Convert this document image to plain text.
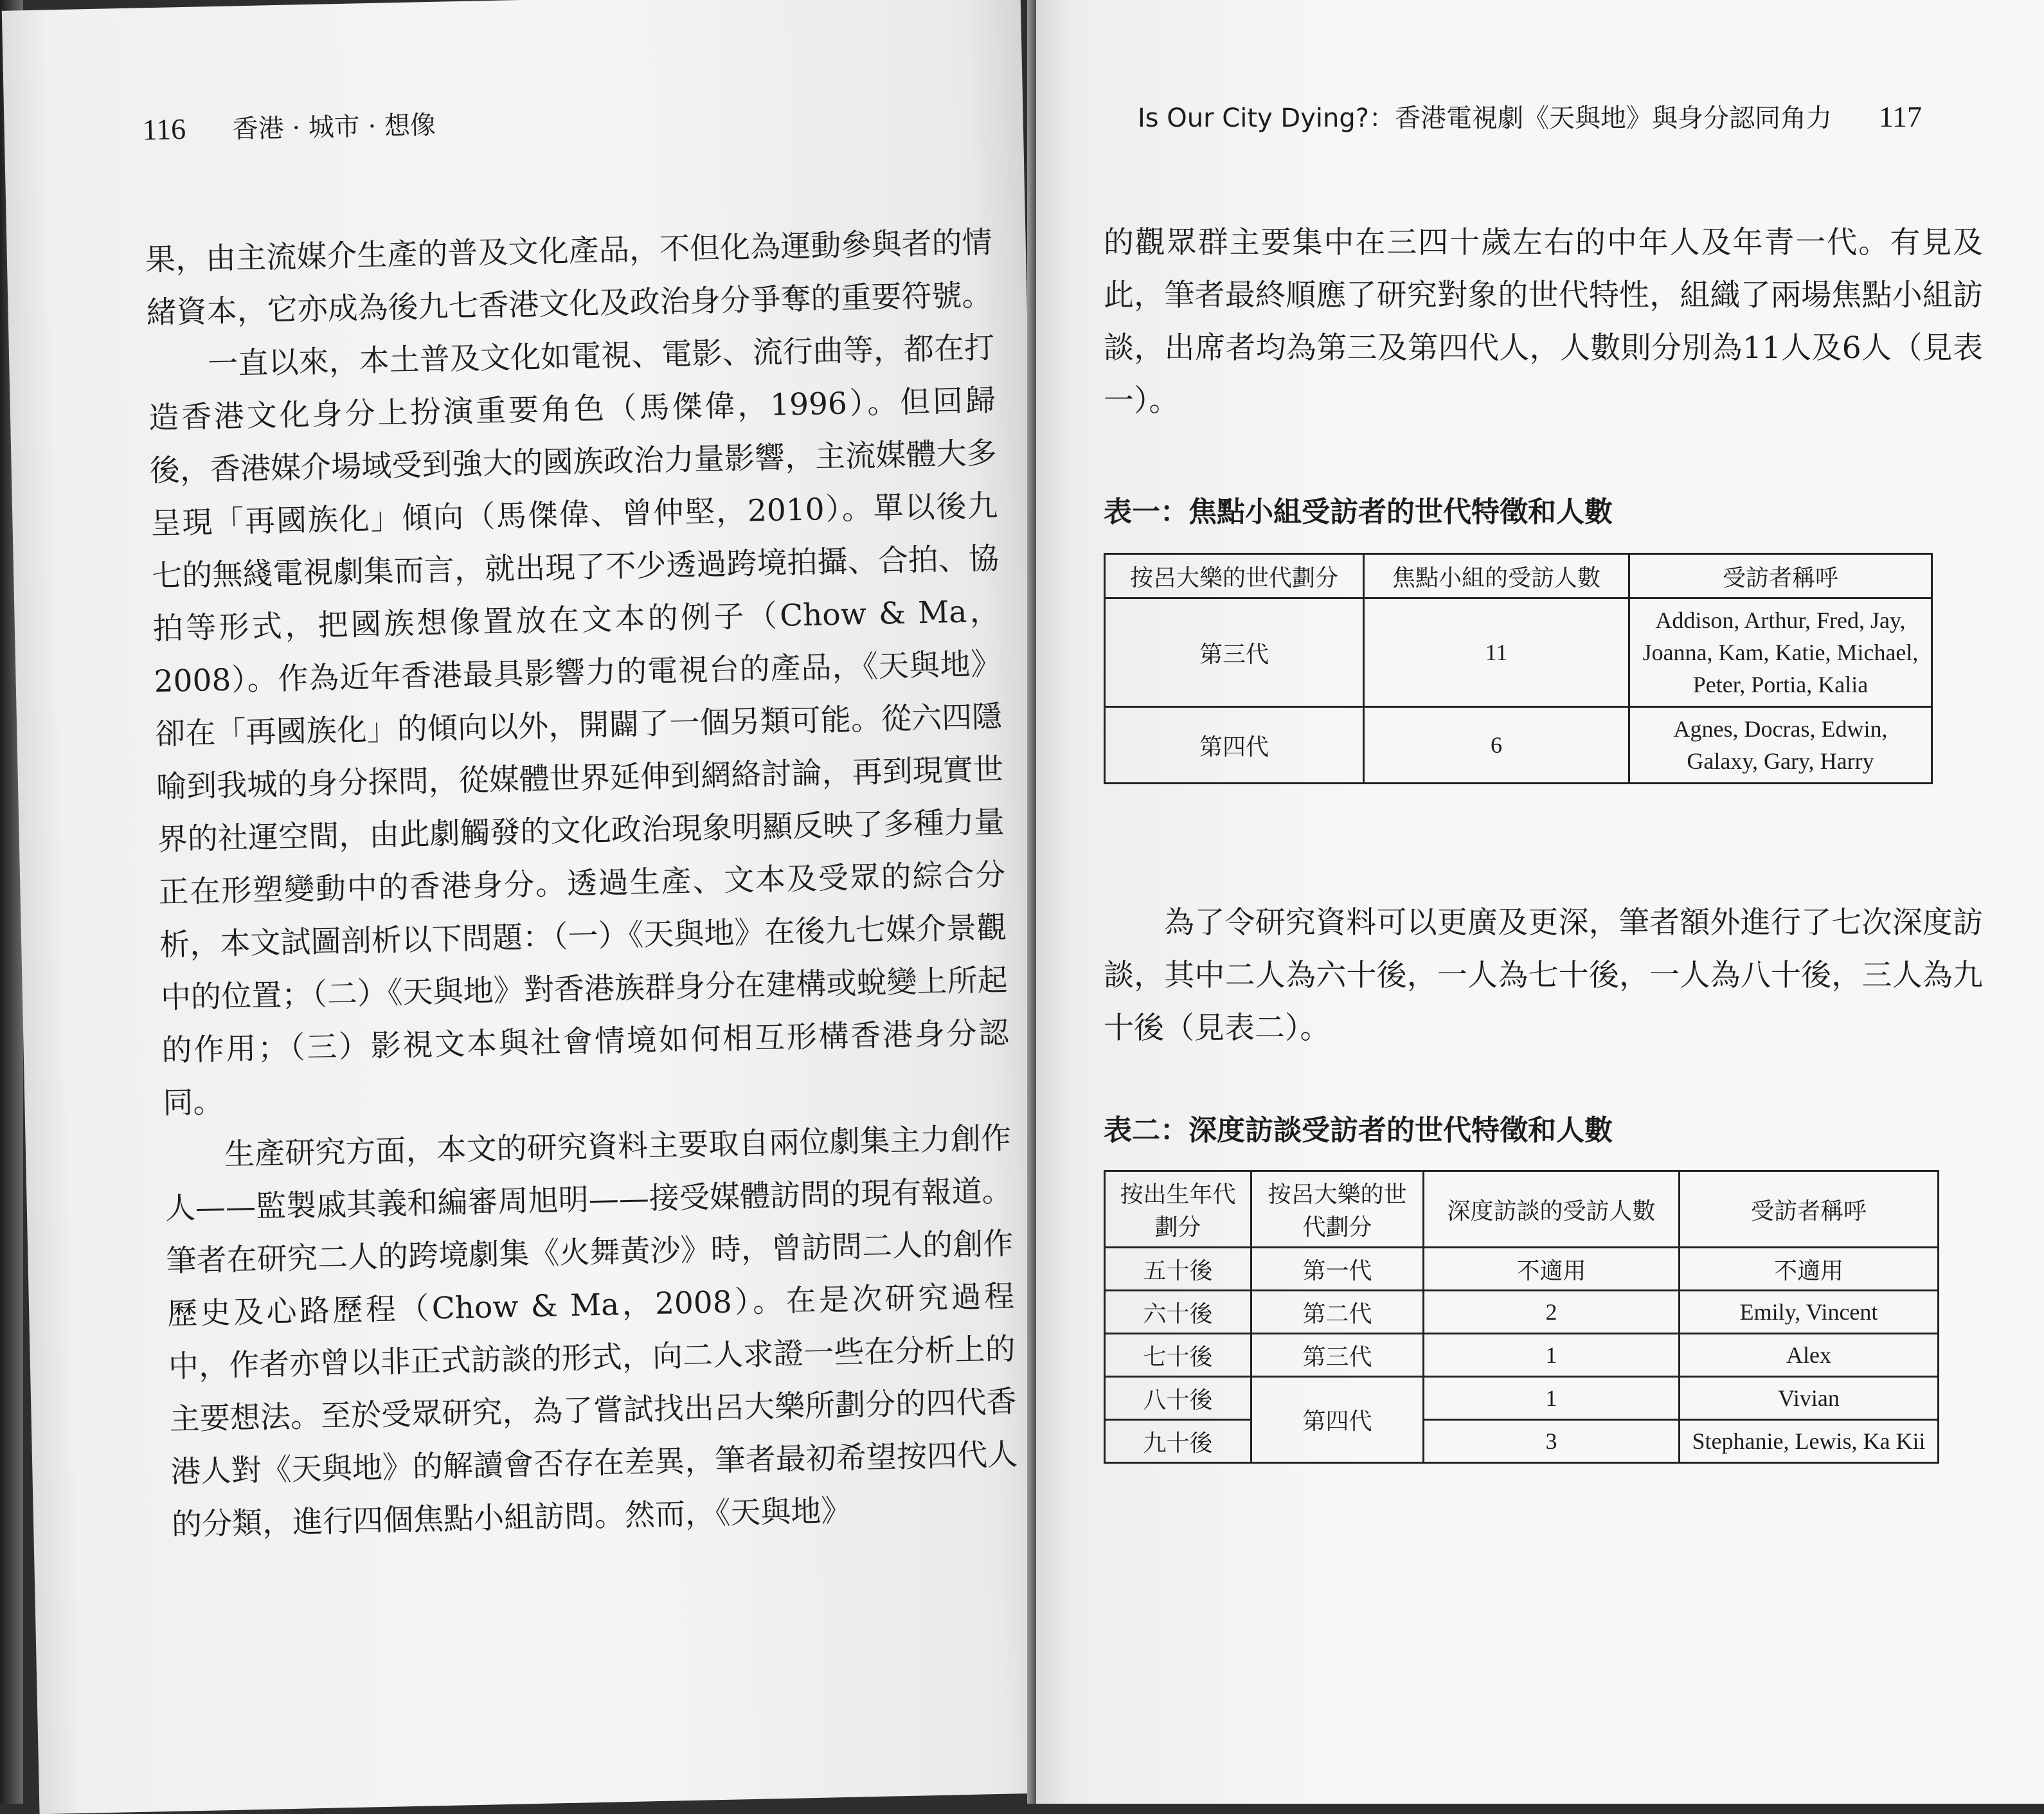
116 香港 · 城市 · 想像

果，由主流媒介生產的普及文化產品，不但化為運動參與者的情緒資本，它亦成為後九七香港文化及政治身分爭奪的重要符號。

一直以來，本土普及文化如電視、電影、流行曲等，都在打造香港文化身分上扮演重要角色（馬傑偉，1996）。但回歸後，香港媒介場域受到強大的國族政治力量影響，主流媒體大多呈現「再國族化」傾向（馬傑偉、曾仲堅，2010）。單以後九七的無綫電視劇集而言，就出現了不少透過跨境拍攝、合拍、協拍等形式，把國族想像置放在文本的例子（Chow & Ma，2008）。作為近年香港最具影響力的電視台的產品，《天與地》卻在「再國族化」的傾向以外，開闢了一個另類可能。從六四隱喻到我城的身分探問，從媒體世界延伸到網絡討論，再到現實世界的社運空間，由此劇觸發的文化政治現象明顯反映了多種力量正在形塑變動中的香港身分。透過生產、文本及受眾的綜合分析，本文試圖剖析以下問題：（一）《天與地》在後九七媒介景觀中的位置；（二）《天與地》對香港族群身分在建構或蛻變上所起的作用；（三）影視文本與社會情境如何相互形構香港身分認同。

生產研究方面，本文的研究資料主要取自兩位劇集主力創作人——監製戚其義和編審周旭明——接受媒體訪問的現有報道。筆者在研究二人的跨境劇集《火舞黃沙》時，曾訪問二人的創作歷史及心路歷程（Chow & Ma，2008）。在是次研究過程中，作者亦曾以非正式訪談的形式，向二人求證一些在分析上的主要想法。至於受眾研究，為了嘗試找出呂大樂所劃分的四代香港人對《天與地》的解讀會否存在差異，筆者最初希望按四代人的分類，進行四個焦點小組訪問。然而，《天與地》

Is Our City Dying?：香港電視劇《天與地》與身分認同角力 117

的觀眾群主要集中在三四十歲左右的中年人及年青一代。有見及此，筆者最終順應了研究對象的世代特性，組織了兩場焦點小組訪談，出席者均為第三及第四代人，人數則分別為11人及6人（見表一）。

表一：焦點小組受訪者的世代特徵和人數
按呂大樂的世代劃分	焦點小組的受訪人數	受訪者稱呼
第三代	11	Addison, Arthur, Fred, Jay, Joanna, Kam, Katie, Michael, Peter, Portia, Kalia
第四代	6	Agnes, Docras, Edwin, Galaxy, Gary, Harry

為了令研究資料可以更廣及更深，筆者額外進行了七次深度訪談，其中二人為六十後，一人為七十後，一人為八十後，三人為九十後（見表二）。

表二：深度訪談受訪者的世代特徵和人數
按出生年代劃分	按呂大樂的世代劃分	深度訪談的受訪人數	受訪者稱呼
五十後	第一代	不適用	不適用
六十後	第二代	2	Emily, Vincent
七十後	第三代	1	Alex
八十後	第四代	1	Vivian
九十後		3	Stephanie, Lewis, Ka Kii
